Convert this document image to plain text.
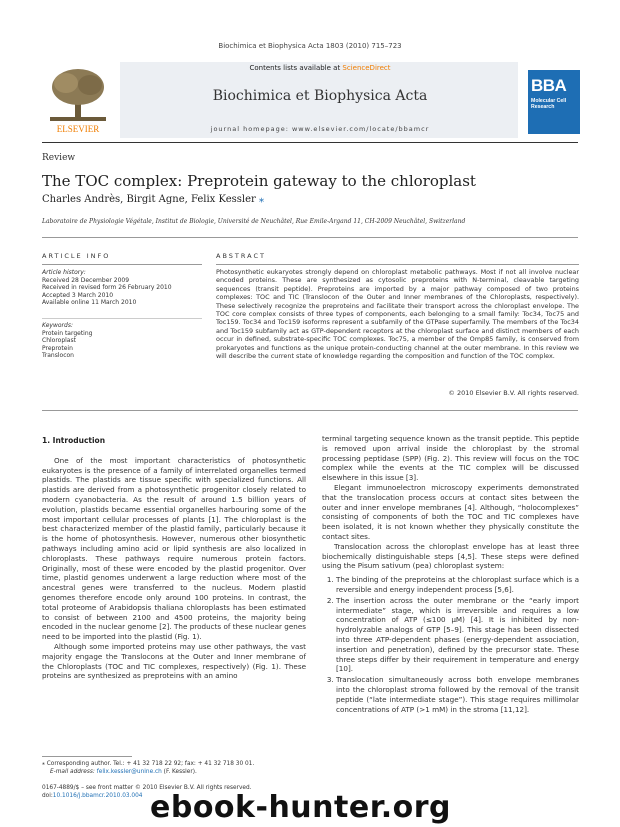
Biochimica et Biophysica Acta 1803 (2010) 715–723
ELSEVIER
Contents lists available at ScienceDirect
Biochimica et Biophysica Acta
journal homepage: www.elsevier.com/locate/bbamcr
BBA
Molecular Cell Research
Review
The TOC complex: Preprotein gateway to the chloroplast
Charles Andrès, Birgit Agne, Felix Kessler ⁎
Laboratoire de Physiologie Végétale, Institut de Biologie, Université de Neuchâtel, Rue Emile-Argand 11, CH-2009 Neuchâtel, Switzerland
ARTICLE INFO
Article history:
Received 28 December 2009
Received in revised form 26 February 2010
Accepted 3 March 2010
Available online 11 March 2010
Keywords:
Protein targeting
Chloroplast
Preprotein
Translocon
ABSTRACT
Photosynthetic eukaryotes strongly depend on chloroplast metabolic pathways. Most if not all involve nuclear encoded proteins. These are synthesized as cytosolic preproteins with N-terminal, cleavable targeting sequences (transit peptide). Preproteins are imported by a major pathway composed of two proteins complexes: TOC and TIC (Translocon of the Outer and Inner membranes of the Chloroplasts, respectively). These selectively recognize the preproteins and facilitate their transport across the chloroplast envelope. The TOC core complex consists of three types of components, each belonging to a small family: Toc34, Toc75 and Toc159. Toc34 and Toc159 isoforms represent a subfamily of the GTPase superfamily. The members of the Toc34 and Toc159 subfamily act as GTP-dependent receptors at the chloroplast surface and distinct members of each occur in defined, substrate-specific TOC complexes. Toc75, a member of the Omp85 family, is conserved from prokaryotes and functions as the unique protein-conducting channel at the outer membrane. In this review we will describe the current state of knowledge regarding the composition and function of the TOC complex.
© 2010 Elsevier B.V. All rights reserved.
1. Introduction

One of the most important characteristics of photosynthetic eukaryotes is the presence of a family of interrelated organelles termed plastids. The plastids are tissue specific with specialized functions. All plastids are derived from a photosynthetic progenitor closely related to modern cyanobacteria. As the result of around 1.5 billion years of evolution, plastids became essential organelles harbouring some of the most important cellular processes of plants [1]. The chloroplast is the best characterized member of the plastid family, particularly because it is the home of photosynthesis. However, numerous other biosynthetic pathways including amino acid or lipid synthesis are also localized in chloroplasts. These pathways require numerous protein factors. Originally, most of these were encoded by the plastid progenitor. Over time, plastid genomes underwent a large reduction where most of the ancestral genes were transferred to the nucleus. Modern plastid genomes therefore encode only around 100 proteins. In contrast, the total proteome of Arabidopsis thaliana chloroplasts has been estimated to consist of between 2100 and 4500 proteins, the majority being encoded in the nuclear genome [2]. The products of these nuclear genes need to be imported into the plastid (Fig. 1).

Although some imported proteins may use other pathways, the vast majority engage the Translocons at the Outer and Inner membrane of the Chloroplasts (TOC and TIC complexes, respectively) (Fig. 1). These proteins are synthesized as preproteins with an amino

terminal targeting sequence known as the transit peptide. This peptide is removed upon arrival inside the chloroplast by the stromal processing peptidase (SPP) (Fig. 2). This review will focus on the TOC complex while the events at the TIC complex will be discussed elsewhere in this issue [3].

Elegant immunoelectron microscopy experiments demonstrated that the translocation process occurs at contact sites between the outer and inner envelope membranes [4]. Although, “holocomplexes” consisting of components of both the TOC and TIC complexes have been isolated, it is not known whether they physically constitute the contact sites.

Translocation across the chloroplast envelope has at least three biochemically distinguishable steps [4,5]. These steps were defined using the Pisum sativum (pea) chloroplast system:

1. The binding of the preproteins at the chloroplast surface which is a reversible and energy independent process [5,6].
2. The insertion across the outer membrane or the “early import intermediate” stage, which is irreversible and requires a low concentration of ATP (≤100 µM) [4]. It is inhibited by non-hydrolyzable analogs of GTP [5–9]. This stage has been dissected into three ATP-dependent phases (energy-dependent association, insertion and penetration), defined by the precursor state. These three steps differ by their requirement in temperature and energy [10].
3. Translocation simultaneously across both envelope membranes into the chloroplast stroma followed by the removal of the transit peptide (“late intermediate stage”). This stage requires millimolar concentrations of ATP (>1 mM) in the stroma [11,12].
⁎ Corresponding author. Tel.: + 41 32 718 22 92; fax: + 41 32 718 30 01.
E-mail address: felix.kessler@unine.ch (F. Kessler).
0167-4889/$ – see front matter © 2010 Elsevier B.V. All rights reserved.
doi:10.1016/j.bbamcr.2010.03.004 ebook-hunter.org
